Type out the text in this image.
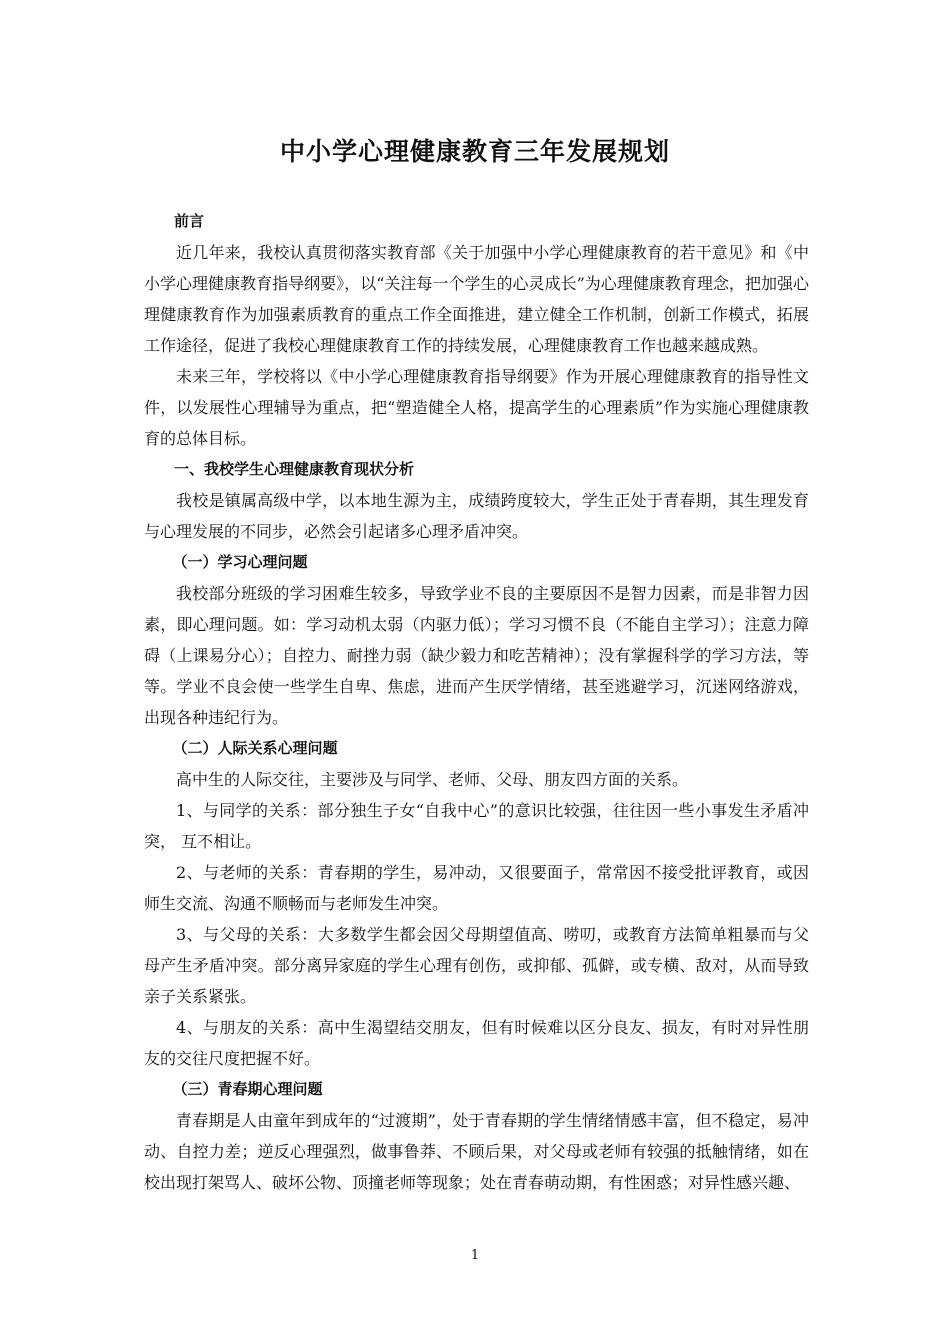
中小学心理健康教育三年发展规划
前言

近几年来，我校认真贯彻落实教育部《关于加强中小学心理健康教育的若干意见》和《中小学心理健康教育指导纲要》，以“关注每一个学生的心灵成长”为心理健康教育理念，把加强心理健康教育作为加强素质教育的重点工作全面推进，建立健全工作机制，创新工作模式，拓展工作途径，促进了我校心理健康教育工作的持续发展，心理健康教育工作也越来越成熟。

未来三年，学校将以《中小学心理健康教育指导纲要》作为开展心理健康教育的指导性文件，以发展性心理辅导为重点，把“塑造健全人格，提高学生的心理素质”作为实施心理健康教育的总体目标。

一、我校学生心理健康教育现状分析

我校是镇属高级中学，以本地生源为主，成绩跨度较大，学生正处于青春期，其生理发育与心理发展的不同步，必然会引起诸多心理矛盾冲突。

（一）学习心理问题

我校部分班级的学习困难生较多，导致学业不良的主要原因不是智力因素，而是非智力因素，即心理问题。如：学习动机太弱（内驱力低）；学习习惯不良（不能自主学习）；注意力障碍（上课易分心）；自控力、耐挫力弱（缺少毅力和吃苦精神）；没有掌握科学的学习方法，等等。学业不良会使一些学生自卑、焦虑，进而产生厌学情绪，甚至逃避学习，沉迷网络游戏，出现各种违纪行为。

（二）人际关系心理问题

高中生的人际交往，主要涉及与同学、老师、父母、朋友四方面的关系。

1、与同学的关系：部分独生子女“自我中心”的意识比较强，往往因一些小事发生矛盾冲突， 互不相让。

2、与老师的关系：青春期的学生，易冲动，又很要面子，常常因不接受批评教育，或因师生交流、沟通不顺畅而与老师发生冲突。

3、与父母的关系：大多数学生都会因父母期望值高、唠叨，或教育方法简单粗暴而与父母产生矛盾冲突。部分离异家庭的学生心理有创伤，或抑郁、孤僻，或专横、敌对，从而导致亲子关系紧张。

4、与朋友的关系：高中生渴望结交朋友，但有时候难以区分良友、损友，有时对异性朋友的交往尺度把握不好。

（三）青春期心理问题

青春期是人由童年到成年的“过渡期”，处于青春期的学生情绪情感丰富，但不稳定，易冲动、自控力差；逆反心理强烈，做事鲁莽、不顾后果，对父母或老师有较强的抵触情绪，如在校出现打架骂人、破坏公物、顶撞老师等现象；处在青春萌动期，有性困惑；对异性感兴趣、

1
